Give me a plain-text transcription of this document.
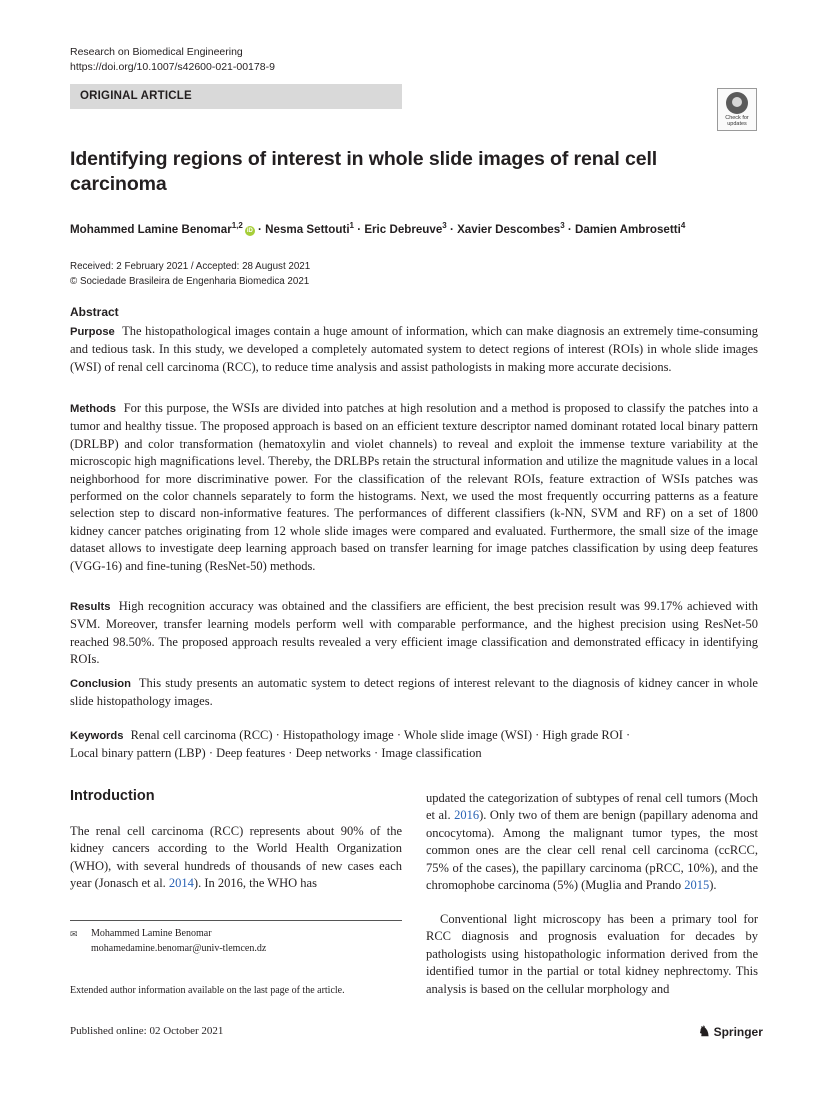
Research on Biomedical Engineering
https://doi.org/10.1007/s42600-021-00178-9
ORIGINAL ARTICLE
Check for
updates
Identifying regions of interest in whole slide images of renal cell carcinoma
Mohammed Lamine Benomar$^{1,2}$iD · Nesma Settouti$^1$ · Eric Debreuve$^3$ · Xavier Descombes$^3$ · Damien Ambrosetti$^4$
Received: 2 February 2021 / Accepted: 28 August 2021
© Sociedade Brasileira de Engenharia Biomedica 2021
Abstract

Purpose The histopathological images contain a huge amount of information, which can make diagnosis an extremely time-consuming and tedious task. In this study, we developed a completely automated system to detect regions of interest (ROIs) in whole slide images (WSI) of renal cell carcinoma (RCC), to reduce time analysis and assist pathologists in making more accurate decisions.

Methods For this purpose, the WSIs are divided into patches at high resolution and a method is proposed to classify the patches into a tumor and healthy tissue. The proposed approach is based on an efficient texture descriptor named dominant rotated local binary pattern (DRLBP) and color transformation (hematoxylin and violet channels) to reveal and exploit the immense texture variability at the microscopic high magnifications level. Thereby, the DRLBPs retain the structural information and utilize the magnitude values in a local neighborhood for more discriminative power. For the classification of the relevant ROIs, feature extraction of WSIs patches was performed on the color channels separately to form the histograms. Next, we used the most frequently occurring patterns as a feature selection step to discard non-informative features. The performances of different classifiers (k-NN, SVM and RF) on a set of 1800 kidney cancer patches originating from 12 whole slide images were compared and evaluated. Furthermore, the small size of the image dataset allows to investigate deep learning approach based on transfer learning for image patches classification by using deep features (VGG-16) and fine-tuning (ResNet-50) methods.

Results High recognition accuracy was obtained and the classifiers are efficient, the best precision result was 99.17% achieved with SVM. Moreover, transfer learning models perform well with comparable performance, and the highest precision using ResNet-50 reached 98.50%. The proposed approach results revealed a very efficient image classification and demonstrated efficacy in identifying ROIs.

Conclusion This study presents an automatic system to detect regions of interest relevant to the diagnosis of kidney cancer in whole slide histopathology images.

Keywords Renal cell carcinoma (RCC) · Histopathology image · Whole slide image (WSI) · High grade ROI ·
Local binary pattern (LBP) · Deep features · Deep networks · Image classification
Introduction

The renal cell carcinoma (RCC) represents about 90% of the kidney cancers according to the World Health Organization (WHO), with several hundreds of thousands of new cases each year (Jonasch et al. 2014). In 2016, the WHO has

updated the categorization of subtypes of renal cell tumors (Moch et al. 2016). Only two of them are benign (papillary adenoma and oncocytoma). Among the malignant tumor types, the most common ones are the clear cell renal cell carcinoma (ccRCC, 75% of the cases), the papillary carcinoma (pRCC, 10%), and the chromophobe carcinoma (5%) (Muglia and Prando 2015).

Conventional light microscopy has been a primary tool for RCC diagnosis and prognosis evaluation for decades by pathologists using histopathologic information derived from the identified tumor in the partial or total kidney nephrectomy. This analysis is based on the cellular morphology and

✉ Mohammed Lamine Benomar
mohamedamine.benomar@univ-tlemcen.dz
Extended author information available on the last page of the article.
Published online: 02 October 2021	♞ Springer
